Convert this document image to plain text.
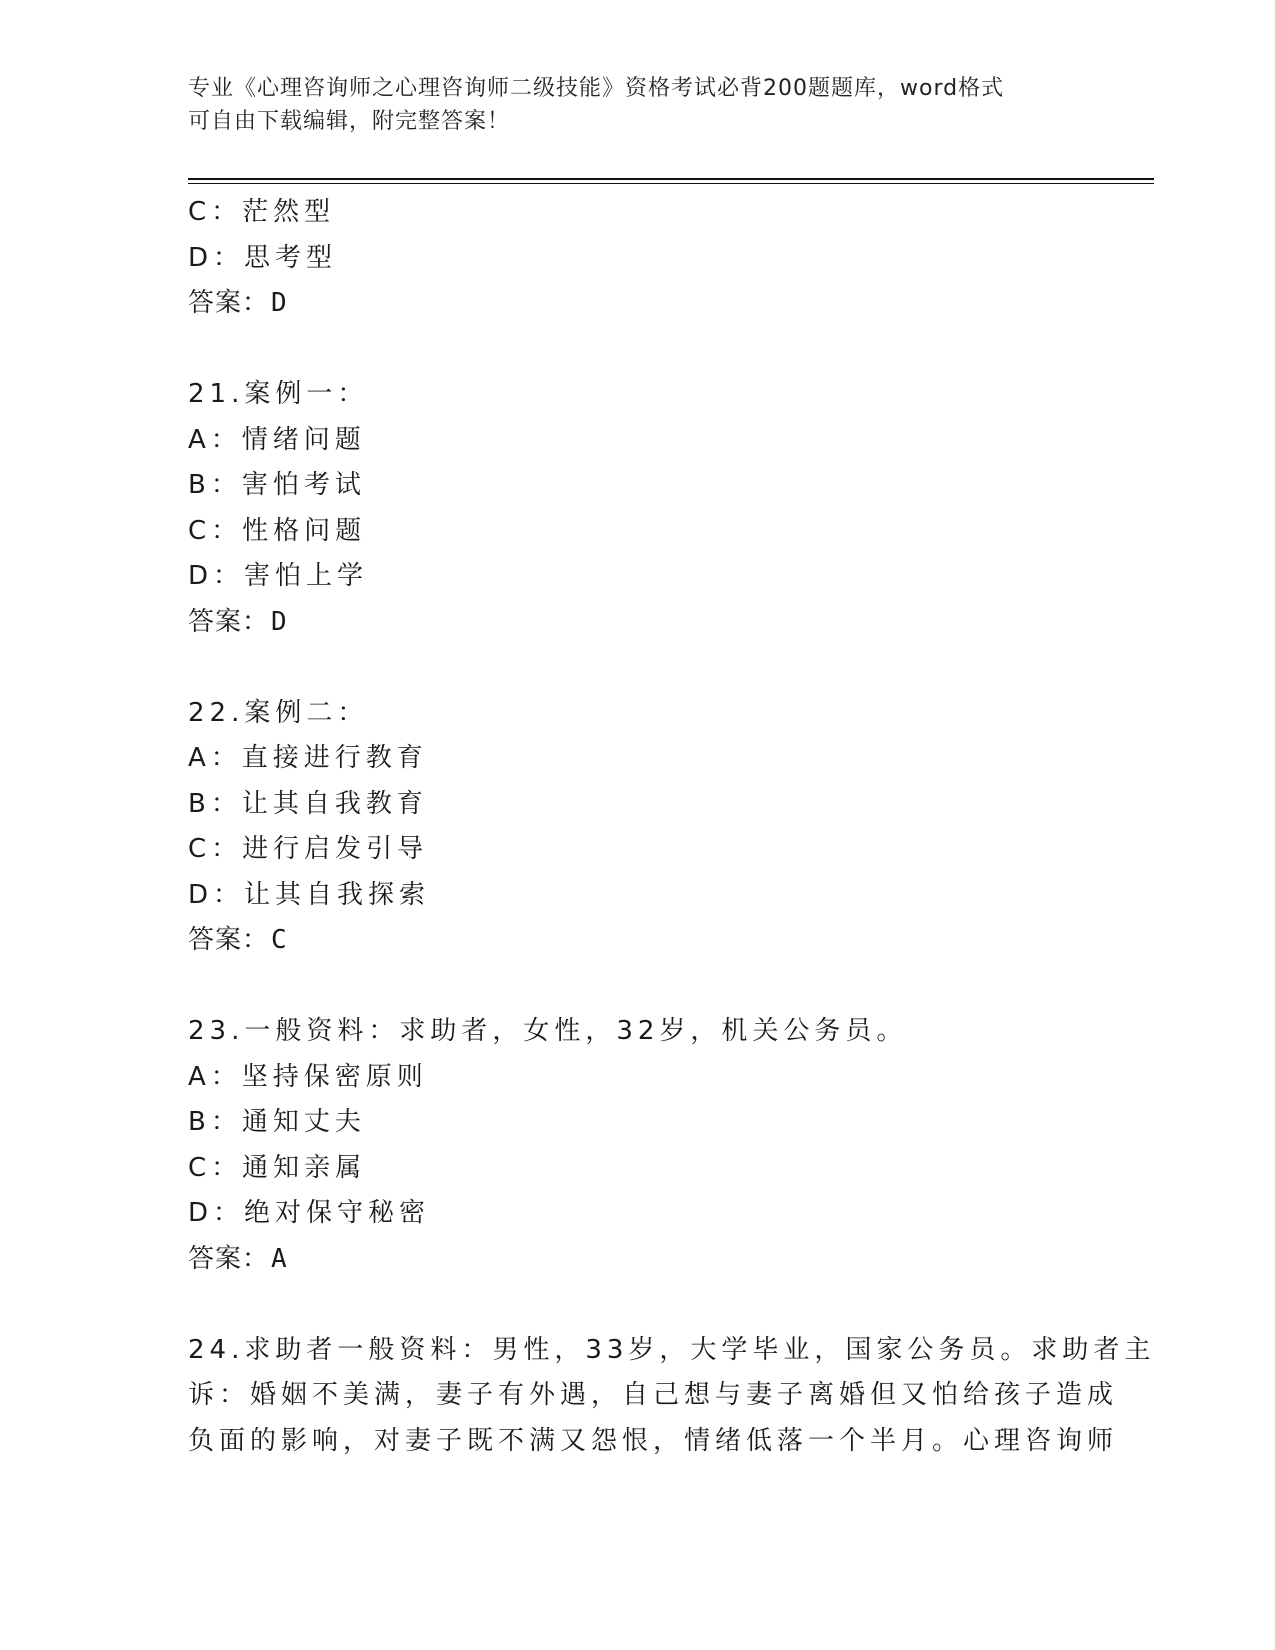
专业《心理咨询师之心理咨询师二级技能》资格考试必背200题题库，word格式
可自由下载编辑，附完整答案！
C：茫然型
D：思考型
答案：D
21.案例一：
A：情绪问题
B：害怕考试
C：性格问题
D：害怕上学
答案：D
22.案例二：
A：直接进行教育
B：让其自我教育
C：进行启发引导
D：让其自我探索
答案：C
23.一般资料：求助者，女性，32岁，机关公务员。
A：坚持保密原则
B：通知丈夫
C：通知亲属
D：绝对保守秘密
答案：A
24.求助者一般资料：男性，33岁，大学毕业，国家公务员。求助者主
诉：婚姻不美满，妻子有外遇，自己想与妻子离婚但又怕给孩子造成
负面的影响，对妻子既不满又怨恨，情绪低落一个半月。心理咨询师
